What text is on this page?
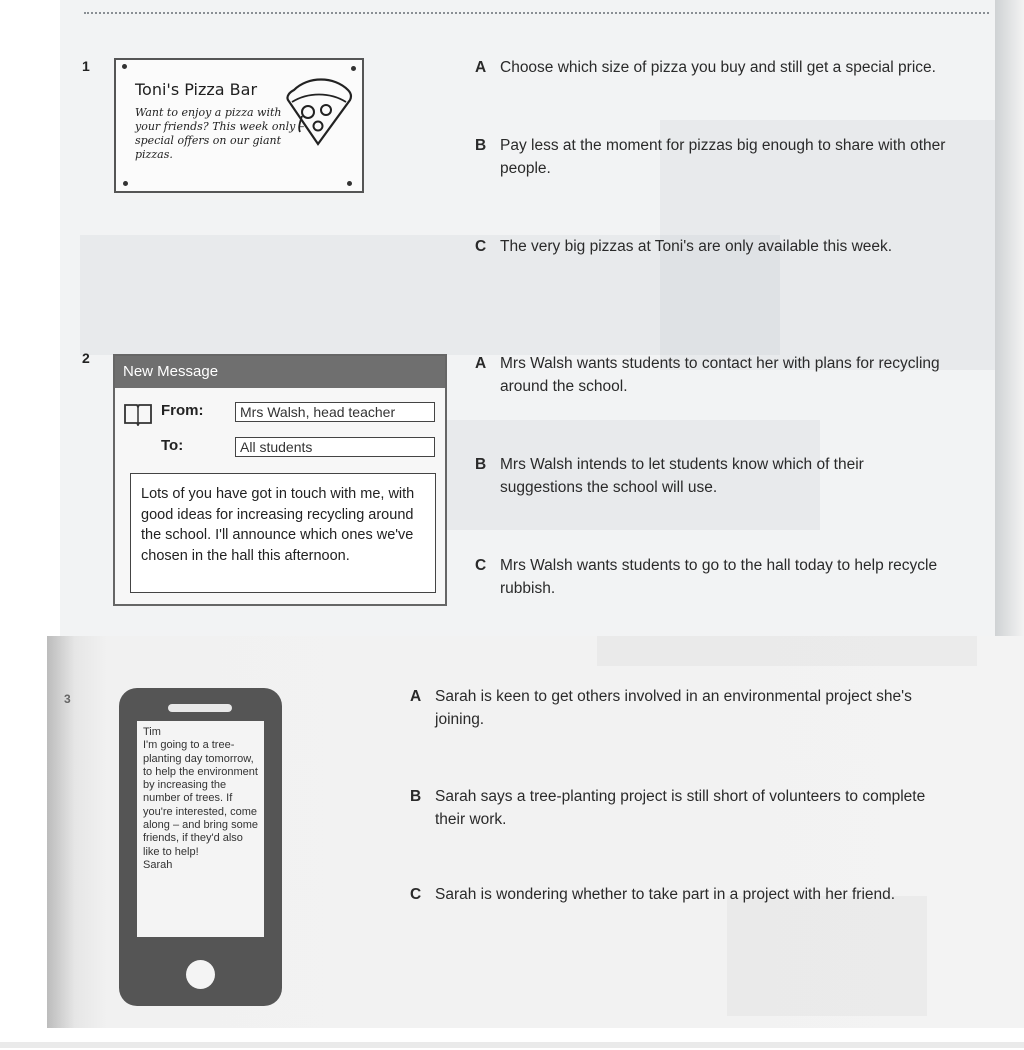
1
Toni's Pizza Bar
Want to enjoy a pizza with your friends? This week only – special offers on our giant pizzas.
A Choose which size of pizza you buy and still get a special price.
B Pay less at the moment for pizzas big enough to share with other people.
C The very big pizzas at Toni's are only available this week.
2
New Message
From:	Mrs Walsh, head teacher
To:	All students
Lots of you have got in touch with me, with good ideas for increasing recycling around the school. I'll announce which ones we've chosen in the hall this afternoon.
A Mrs Walsh wants students to contact her with plans for recycling around the school.
B Mrs Walsh intends to let students know which of their suggestions the school will use.
C Mrs Walsh wants students to go to the hall today to help recycle rubbish.
3
Tim
I'm going to a tree-planting day tomorrow, to help the environment by increasing the number of trees. If you're interested, come along – and bring some friends, if they'd also like to help!
Sarah
A Sarah is keen to get others involved in an environmental project she's joining.
B Sarah says a tree-planting project is still short of volunteers to complete their work.
C Sarah is wondering whether to take part in a project with her friend.
